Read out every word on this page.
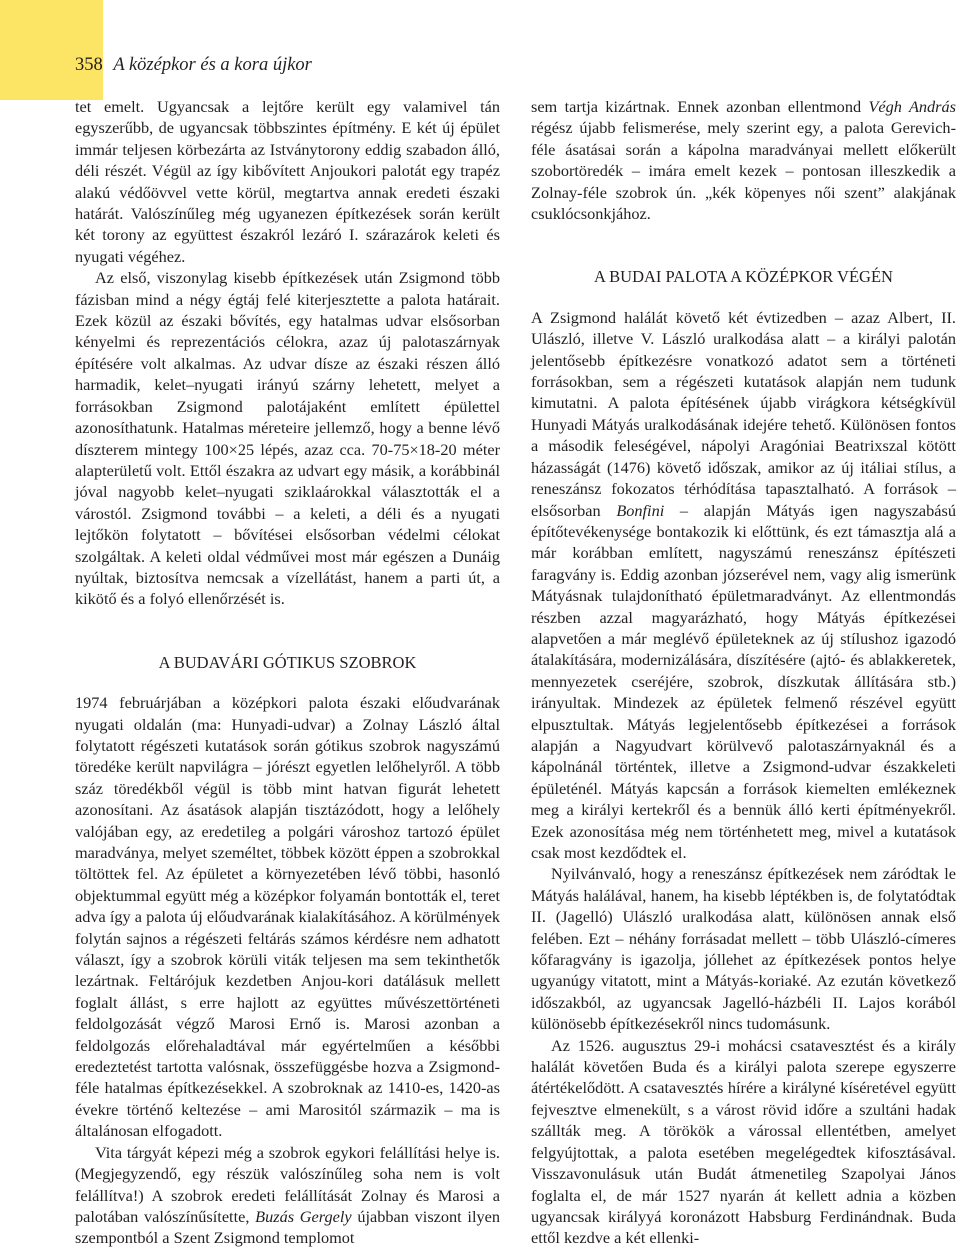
358 A középkor és a kora újkor

tet emelt. Ugyancsak a lejtőre került egy valamivel tán egyszerűbb, de ugyancsak többszintes építmény. E két új épület immár teljesen körbezárta az Istványtorony eddig szabadon álló, déli részét. Végül az így kibővített Anjoukori palotát egy trapéz alakú védőövvel vette körül, megtartva annak eredeti északi határát. Valószínűleg még ugyanezen építkezések során került két torony az együttest északról lezáró I. szárazárok keleti és nyugati végéhez.

Az első, viszonylag kisebb építkezések után Zsigmond több fázisban mind a négy égtáj felé kiterjesztette a palota határait. Ezek közül az északi bővítés, egy hatalmas udvar elsősorban kényelmi és reprezentációs célokra, azaz új palotaszárnyak építésére volt alkalmas. Az udvar dísze az északi részen álló harmadik, kelet–nyugati irányú szárny lehetett, melyet a forrásokban Zsigmond palotájaként említett épülettel azonosíthatunk. Hatalmas méreteire jellemző, hogy a benne lévő díszterem mintegy 100×25 lépés, azaz cca. 70-75×18-20 méter alapterületű volt. Ettől északra az udvart egy másik, a korábbinál jóval nagyobb kelet–nyugati sziklaárokkal választották el a várostól. Zsigmond további – a keleti, a déli és a nyugati lejtőkön folytatott – bővítései elsősorban védelmi célokat szolgáltak. A keleti oldal védművei most már egészen a Dunáig nyúltak, biztosítva nemcsak a vízellátást, hanem a parti út, a kikötő és a folyó ellenőrzését is.

A BUDAVÁRI GÓTIKUS SZOBROK

1974 februárjában a középkori palota északi előudvarának nyugati oldalán (ma: Hunyadi-udvar) a Zolnay László által folytatott régészeti kutatások során gótikus szobrok nagyszámú töredéke került napvilágra – jórészt egyetlen lelőhelyről. A több száz töredékből végül is több mint hatvan figurát lehetett azonosítani. Az ásatások alapján tisztázódott, hogy a lelőhely valójában egy, az eredetileg a polgári városhoz tartozó épület maradványa, melyet személtet, többek között éppen a szobrokkal töltöttek fel. Az épületet a környezetében lévő többi, hasonló objektummal együtt még a középkor folyamán bontották el, teret adva így a palota új előudvarának kialakításához. A körülmények folytán sajnos a régészeti feltárás számos kérdésre nem adhatott választ, így a szobrok körüli viták teljesen ma sem tekinthetők lezártnak. Feltárójuk kezdetben Anjou-kori datálásuk mellett foglalt állást, s erre hajlott az együttes művészettörténeti feldolgozását végző Marosi Ernő is. Marosi azonban a feldolgozás előrehaladtával már egyértelműen a későbbi eredeztetést tartotta valósnak, összefüggésbe hozva a Zsigmond-féle hatalmas építkezésekkel. A szobroknak az 1410-es, 1420-as évekre történő keltezése – ami Marositól származik – ma is általánosan elfogadott.

Vita tárgyát képezi még a szobrok egykori felállítási helye is. (Megjegyzendő, egy részük valószínűleg soha nem is volt felállítva!) A szobrok eredeti felállítását Zolnay és Marosi a palotában valószínűsítette, Buzás Gergely újabban viszont ilyen szempontból a Szent Zsigmond templomot

sem tartja kizártnak. Ennek azonban ellentmond Végh András régész újabb felismerése, mely szerint egy, a palota Gerevich-féle ásatásai során a kápolna maradványai mellett előkerült szobortöredék – imára emelt kezek – pontosan illeszkedik a Zolnay-féle szobrok ún. „kék köpenyes női szent” alakjának csuklócsonkjához.

A BUDAI PALOTA A KÖZÉPKOR VÉGÉN

A Zsigmond halálát követő két évtizedben – azaz Albert, II. Ulászló, illetve V. László uralkodása alatt – a királyi palotán jelentősebb építkezésre vonatkozó adatot sem a történeti forrásokban, sem a régészeti kutatások alapján nem tudunk kimutatni. A palota építésének újabb virágkora kétségkívül Hunyadi Mátyás uralkodásának idejére tehető. Különösen fontos a második feleségével, nápolyi Aragóniai Beatrixszal kötött házasságát (1476) követő időszak, amikor az új itáliai stílus, a reneszánsz fokozatos térhódítása tapasztalható. A források – elsősorban Bonfini – alapján Mátyás igen nagyszabású építőtevékenysége bontakozik ki előttünk, és ezt támasztja alá a már korábban említett, nagyszámú reneszánsz építészeti faragvány is. Eddig azonban józserével nem, vagy alig ismerünk Mátyásnak tulajdonítható épületmaradványt. Az ellentmondás részben azzal magyarázható, hogy Mátyás építkezései alapvetően a már meglévő épületeknek az új stílushoz igazodó átalakítására, modernizálására, díszítésére (ajtó- és ablakkeretek, mennyezetek cseréjére, szobrok, díszkutak állítására stb.) irányultak. Mindezek az épületek felmenő részével együtt elpusztultak. Mátyás legjelentősebb építkezései a források alapján a Nagyudvart körülvevő palotaszárnyaknál és a kápolnánál történtek, illetve a Zsigmond-udvar északkeleti épületénél. Mátyás kapcsán a források kiemelten emlékeznek meg a királyi kertekről és a bennük álló kerti építményekről. Ezek azonosítása még nem történhetett meg, mivel a kutatások csak most kezdődtek el.

Nyilvánvaló, hogy a reneszánsz építkezések nem záródtak le Mátyás halálával, hanem, ha kisebb léptékben is, de folytatódtak II. (Jagelló) Ulászló uralkodása alatt, különösen annak első felében. Ezt – néhány forrásadat mellett – több Ulászló-címeres kőfaragvány is igazolja, jóllehet az építkezések pontos helye ugyanúgy vitatott, mint a Mátyás-koriaké. Az ezután következő időszakból, az ugyancsak Jagelló-házbéli II. Lajos korából különösebb építkezésekről nincs tudomásunk.

Az 1526. augusztus 29-i mohácsi csatavesztést és a király halálát követően Buda és a királyi palota szerepe egyszerre átértékelődött. A csatavesztés hírére a királyné kíséretével együtt fejvesztve elmenekült, s a várost rövid időre a szultáni hadak szállták meg. A törökök a várossal ellentétben, amelyet felgyújtottak, a palota esetében megelégedtek kifosztásával. Visszavonulásuk után Budát átmenetileg Szapolyai János foglalta el, de már 1527 nyarán át kellett adnia a közben ugyancsak királyyá koronázott Habsburg Ferdinándnak. Buda ettől kezdve a két ellenki-
